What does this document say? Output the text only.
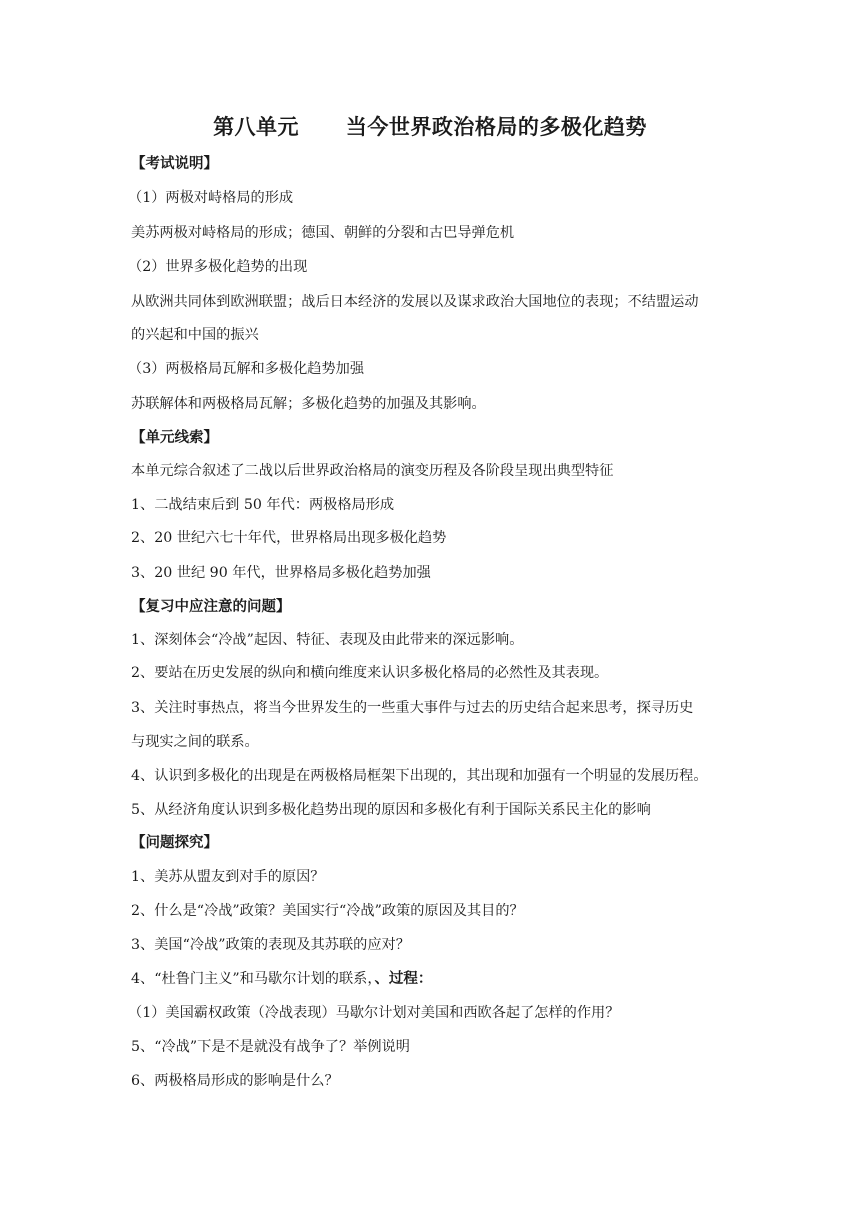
第八单元      当今世界政治格局的多极化趋势
【考试说明】
（1）两极对峙格局的形成
美苏两极对峙格局的形成；德国、朝鲜的分裂和古巴导弹危机
（2）世界多极化趋势的出现
从欧洲共同体到欧洲联盟；战后日本经济的发展以及谋求政治大国地位的表现；不结盟运动
的兴起和中国的振兴
（3）两极格局瓦解和多极化趋势加强
苏联解体和两极格局瓦解；多极化趋势的加强及其影响。
【单元线索】
本单元综合叙述了二战以后世界政治格局的演变历程及各阶段呈现出典型特征
1、二战结束后到 50 年代：两极格局形成
2、20 世纪六七十年代，世界格局出现多极化趋势
3、20 世纪 90 年代，世界格局多极化趋势加强
【复习中应注意的问题】
1、深刻体会“冷战”起因、特征、表现及由此带来的深远影响。
2、要站在历史发展的纵向和横向维度来认识多极化格局的必然性及其表现。
3、关注时事热点，将当今世界发生的一些重大事件与过去的历史结合起来思考，探寻历史
与现实之间的联系。
4、认识到多极化的出现是在两极格局框架下出现的，其出现和加强有一个明显的发展历程。
5、从经济角度认识到多极化趋势出现的原因和多极化有利于国际关系民主化的影响
【问题探究】
1、美苏从盟友到对手的原因？
2、什么是“冷战”政策？美国实行“冷战”政策的原因及其目的？
3、美国“冷战”政策的表现及其苏联的应对？
4、“杜鲁门主义”和马歇尔计划的联系，、过程：
（1）美国霸权政策（冷战表现）马歇尔计划对美国和西欧各起了怎样的作用？
5、“冷战”下是不是就没有战争了？举例说明
6、两极格局形成的影响是什么？
